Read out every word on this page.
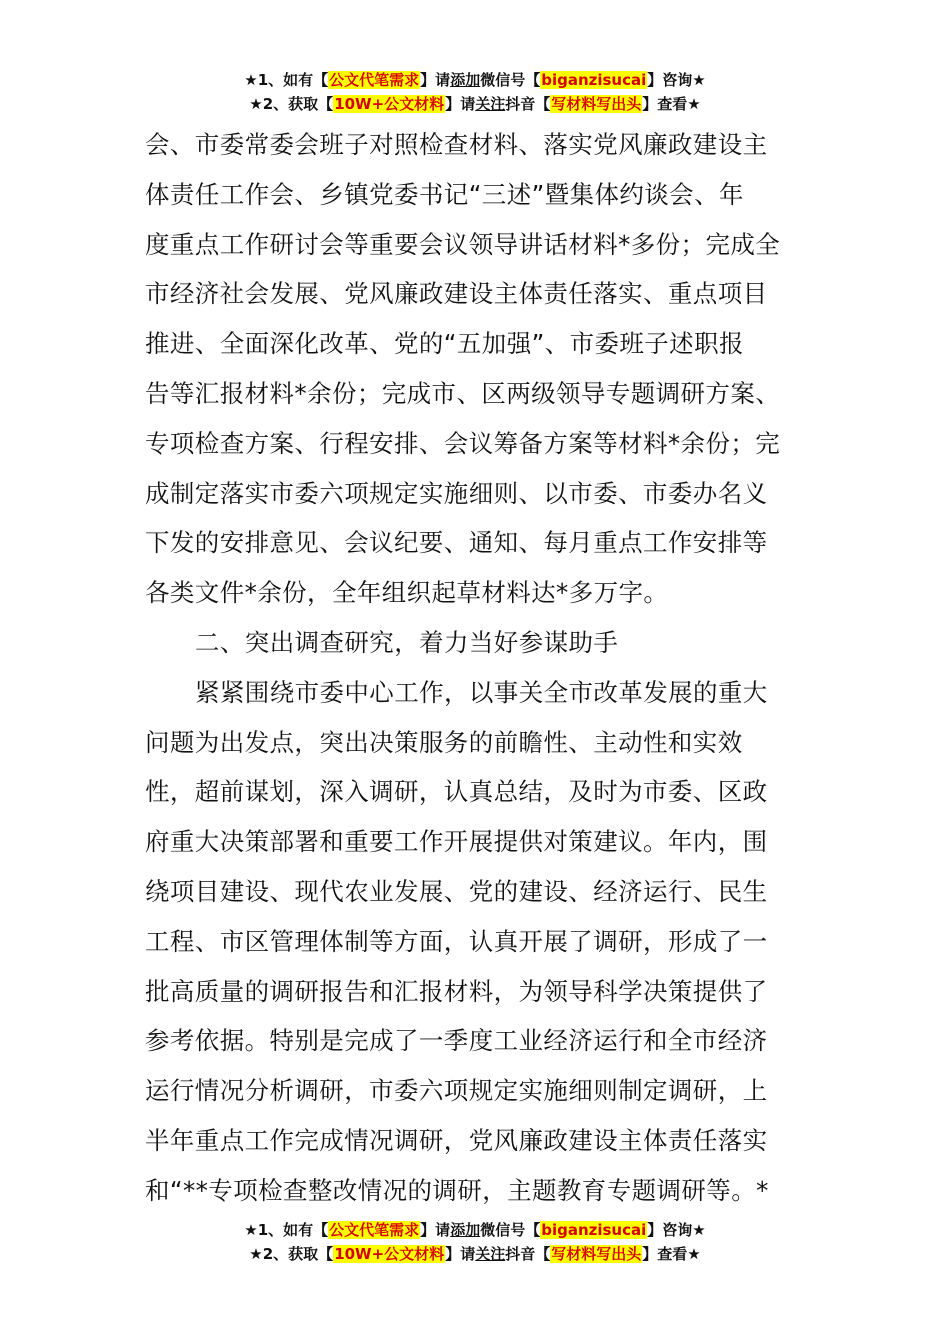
★1、如有【公文代笔需求】请添加微信号【biganzisucai】咨询★
★2、获取【10W+公文材料】请关注抖音【写材料写出头】查看★
会、市委常委会班子对照检查材料、落实党风廉政建设主
体责任工作会、乡镇党委书记“三述”暨集体约谈会、年
度重点工作研讨会等重要会议领导讲话材料*多份；完成全
市经济社会发展、党风廉政建设主体责任落实、重点项目
推进、全面深化改革、党的“五加强”、市委班子述职报
告等汇报材料*余份；完成市、区两级领导专题调研方案、
专项检查方案、行程安排、会议筹备方案等材料*余份；完
成制定落实市委六项规定实施细则、以市委、市委办名义
下发的安排意见、会议纪要、通知、每月重点工作安排等
各类文件*余份，全年组织起草材料达*多万字。
二、突出调查研究，着力当好参谋助手
紧紧围绕市委中心工作，以事关全市改革发展的重大
问题为出发点，突出决策服务的前瞻性、主动性和实效
性，超前谋划，深入调研，认真总结，及时为市委、区政
府重大决策部署和重要工作开展提供对策建议。年内，围
绕项目建设、现代农业发展、党的建设、经济运行、民生
工程、市区管理体制等方面，认真开展了调研，形成了一
批高质量的调研报告和汇报材料，为领导科学决策提供了
参考依据。特别是完成了一季度工业经济运行和全市经济
运行情况分析调研，市委六项规定实施细则制定调研，上
半年重点工作完成情况调研，党风廉政建设主体责任落实
和“**专项检查整改情况的调研，主题教育专题调研等。*
★1、如有【公文代笔需求】请添加微信号【biganzisucai】咨询★
★2、获取【10W+公文材料】请关注抖音【写材料写出头】查看★
